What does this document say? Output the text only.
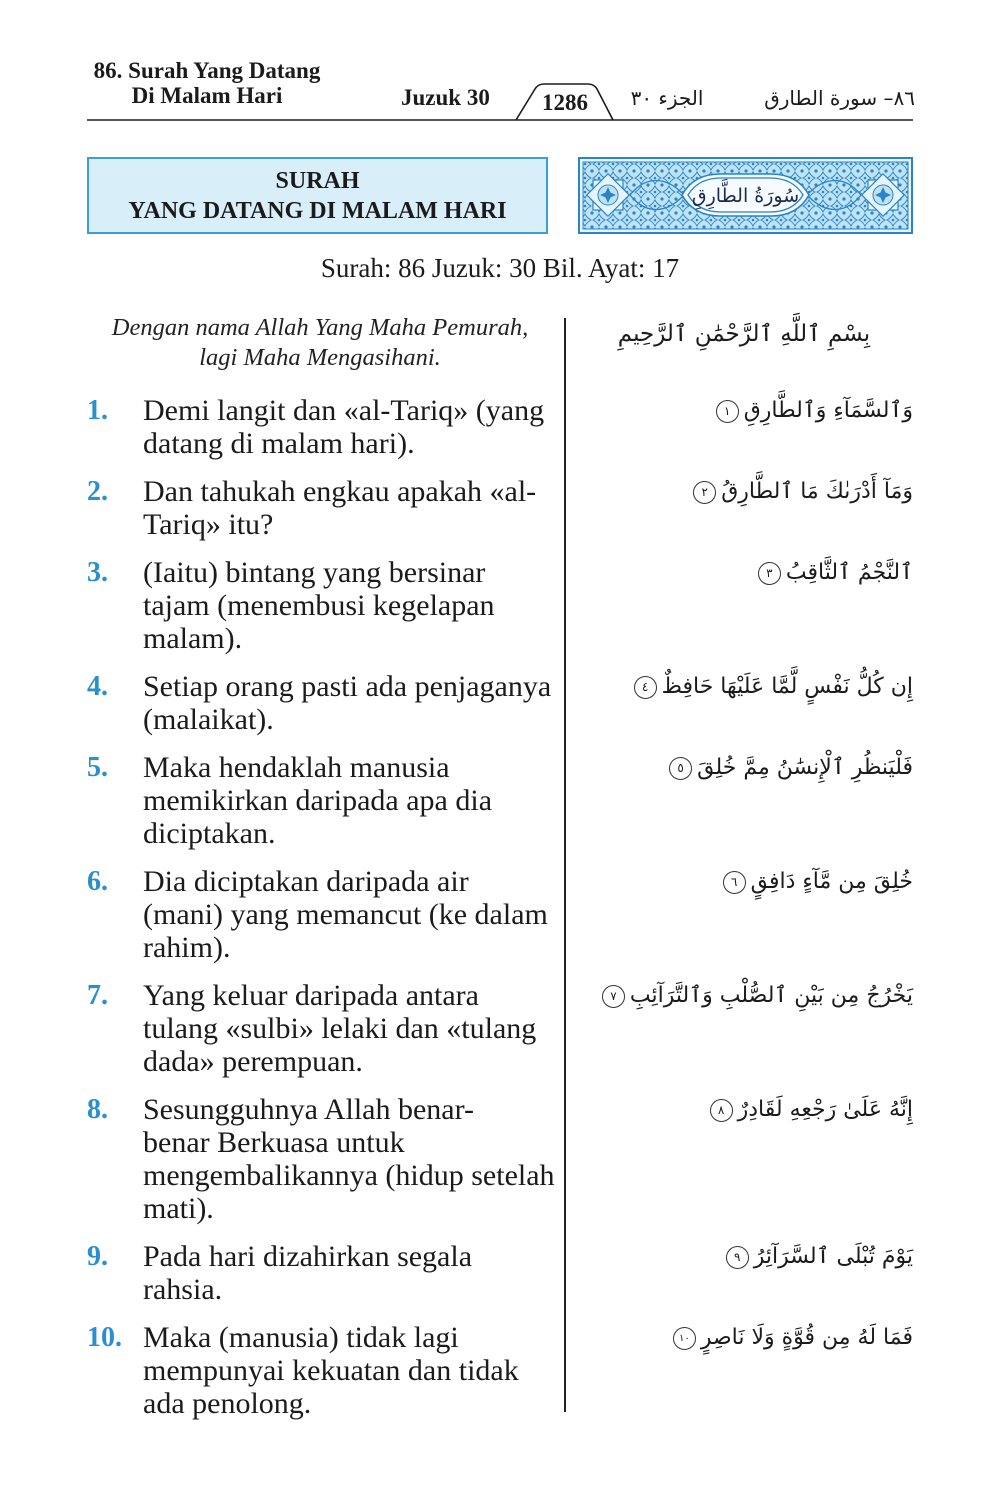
86. Surah Yang Datang
Di Malam Hari	Juzuk 30	1286	الجزء ٣٠	٨٦– سورة الطارق
SURAH
YANG DATANG DI MALAM HARI
سُورَةُ الطَّارِقِ
Surah: 86 Juzuk: 30 Bil. Ayat: 17
Dengan nama Allah Yang Maha Pemurah,
lagi Maha Mengasihani.
بِسْمِ ٱللَّهِ ٱلرَّحْمَٰنِ ٱلرَّحِيمِ
1.	Demi langit dan «al-Tariq» (yang
datang di malam hari).
وَٱلسَّمَآءِ وَٱلطَّارِقِ١
2.	Dan tahukah engkau apakah «al-
Tariq» itu?
وَمَآ أَدْرَىٰكَ مَا ٱلطَّارِقُ٢
3.	(Iaitu) bintang yang bersinar
tajam (menembusi kegelapan
malam).
ٱلنَّجْمُ ٱلثَّاقِبُ٣
4.	Setiap orang pasti ada penjaganya
(malaikat).
إِن كُلُّ نَفْسٍ لَّمَّا عَلَيْهَا حَافِظٌ٤
5.	Maka hendaklah manusia
memikirkan daripada apa dia
diciptakan.
فَلْيَنظُرِ ٱلْإِنسَٰنُ مِمَّ خُلِقَ٥
6.	Dia diciptakan daripada air
(mani) yang memancut (ke dalam
rahim).
خُلِقَ مِن مَّآءٍ دَافِقٍ٦
7.	Yang keluar daripada antara
tulang «sulbi» lelaki dan «tulang
dada» perempuan.
يَخْرُجُ مِن بَيْنِ ٱلصُّلْبِ وَٱلتَّرَآئِبِ٧
8.	Sesungguhnya Allah benar-
benar Berkuasa untuk
mengembalikannya (hidup setelah
mati).
إِنَّهُ عَلَىٰ رَجْعِهِ لَقَادِرٌ٨
9.	Pada hari dizahirkan segala
rahsia.
يَوْمَ تُبْلَى ٱلسَّرَآئِرُ٩
10. Maka (manusia) tidak lagi
mempunyai kekuatan dan tidak
ada penolong.
فَمَا لَهُ مِن قُوَّةٍ وَلَا نَاصِرٍ١٠
